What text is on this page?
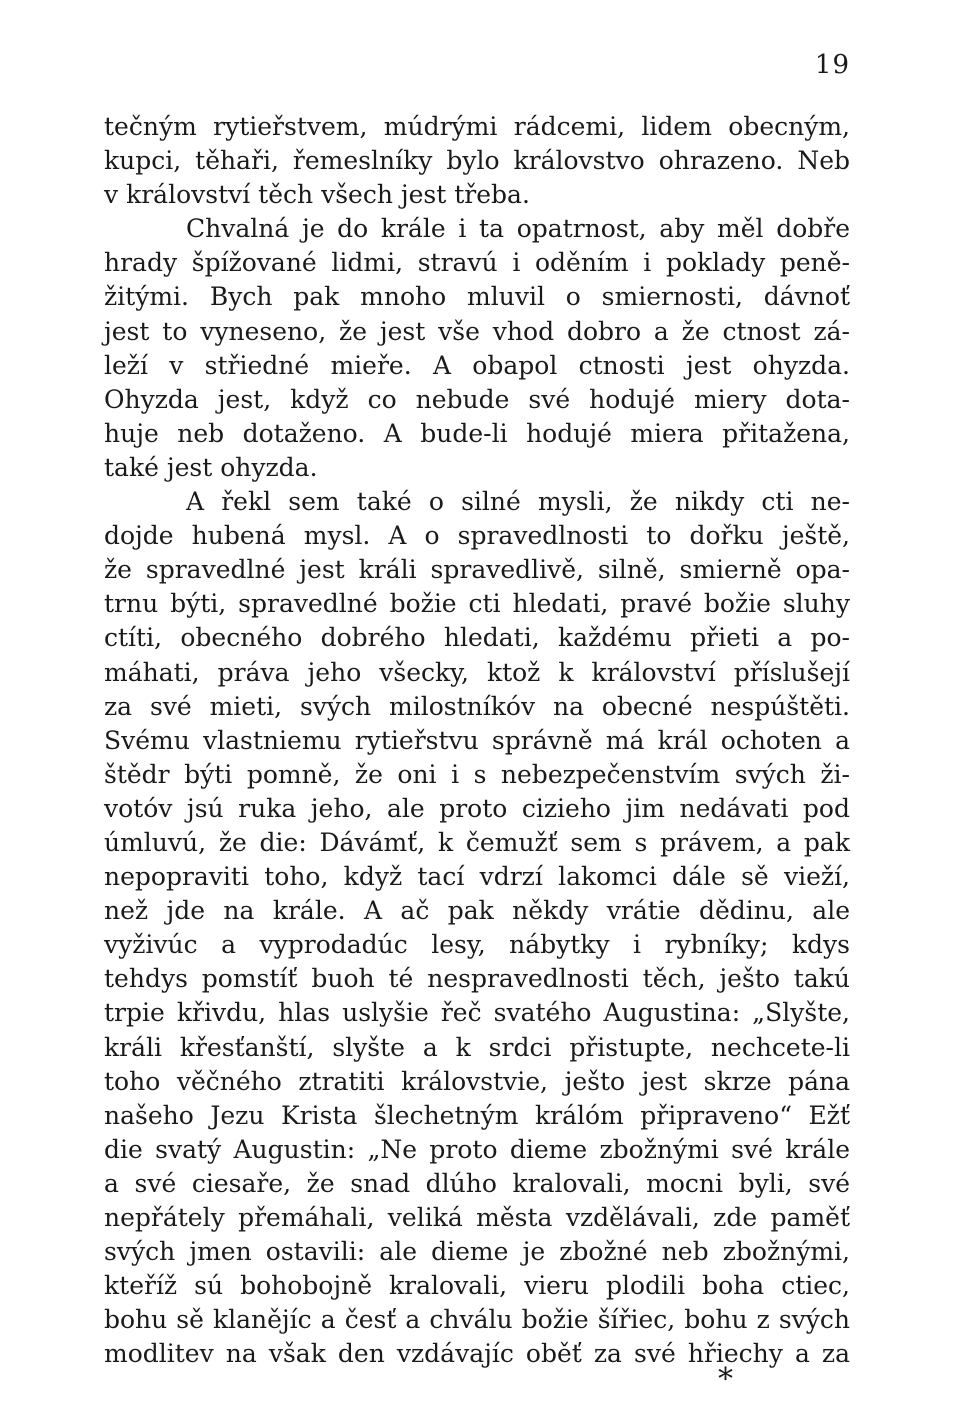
19
tečným rytieřstvem, múdrými rádcemi, lidem obecným,
kupci, těhaři, řemeslníky bylo královstvo ohrazeno. Neb
v království těch všech jest třeba.
Chvalná je do krále i ta opatrnost, aby měl dobře
hrady špížované lidmi, stravú i oděním i poklady peně-
žitými. Bych pak mnoho mluvil o smiernosti, dávnoť
jest to vyneseno, že jest vše vhod dobro a že ctnost zá-
leží v střiedné mieře. A obapol ctnosti jest ohyzda.
Ohyzda jest, když co nebude své hodujé miery dota-
huje neb dotaženo. A bude-li hodujé miera přitažena,
také jest ohyzda.
A řekl sem také o silné mysli, že nikdy cti ne-
dojde hubená mysl. A o spravedlnosti to dořku ještě,
že spravedlné jest králi spravedlivě, silně, smierně opa-
trnu býti, spravedlné božie cti hledati, pravé božie sluhy
ctíti, obecného dobrého hledati, každému přieti a po-
máhati, práva jeho všecky, ktož k království příslušejí
za své mieti, svých milostníkóv na obecné nespúštěti.
Svému vlastniemu rytieřstvu správně má král ochoten a
štědr býti pomně, že oni i s nebezpečenstvím svých ži-
votóv jsú ruka jeho, ale proto cizieho jim nedávati pod
úmluvú, že die: Dávámť, k čemužť sem s právem, a pak
nepopraviti toho, když tací vdrzí lakomci dále sě vieží,
než jde na krále. A ač pak někdy vrátie dědinu, ale
vyživúc a vyprodadúc lesy, nábytky i rybníky; kdys
tehdys pomstíť buoh té nespravedlnosti těch, ješto takú
trpie křivdu, hlas uslyšie řeč svatého Augustina: „Slyšte,
králi křesťanští, slyšte a k srdci přistupte, nechcete-li
toho věčného ztratiti královstvie, ješto jest skrze pána
našeho Jezu Krista šlechetným králóm připraveno“ Ežť
die svatý Augustin: „Ne proto dieme zbožnými své krále
a své ciesaře, že snad dlúho kralovali, mocni byli, své
nepřátely přemáhali, veliká města vzdělávali, zde paměť
svých jmen ostavili: ale dieme je zbožné neb zbožnými,
kteříž sú bohobojně kralovali, vieru plodili boha ctiec,
bohu sě klanějíc a česť a chválu božie šířiec, bohu z svých
modlitev na však den vzdávajíc oběť za své hřiechy a za
*
